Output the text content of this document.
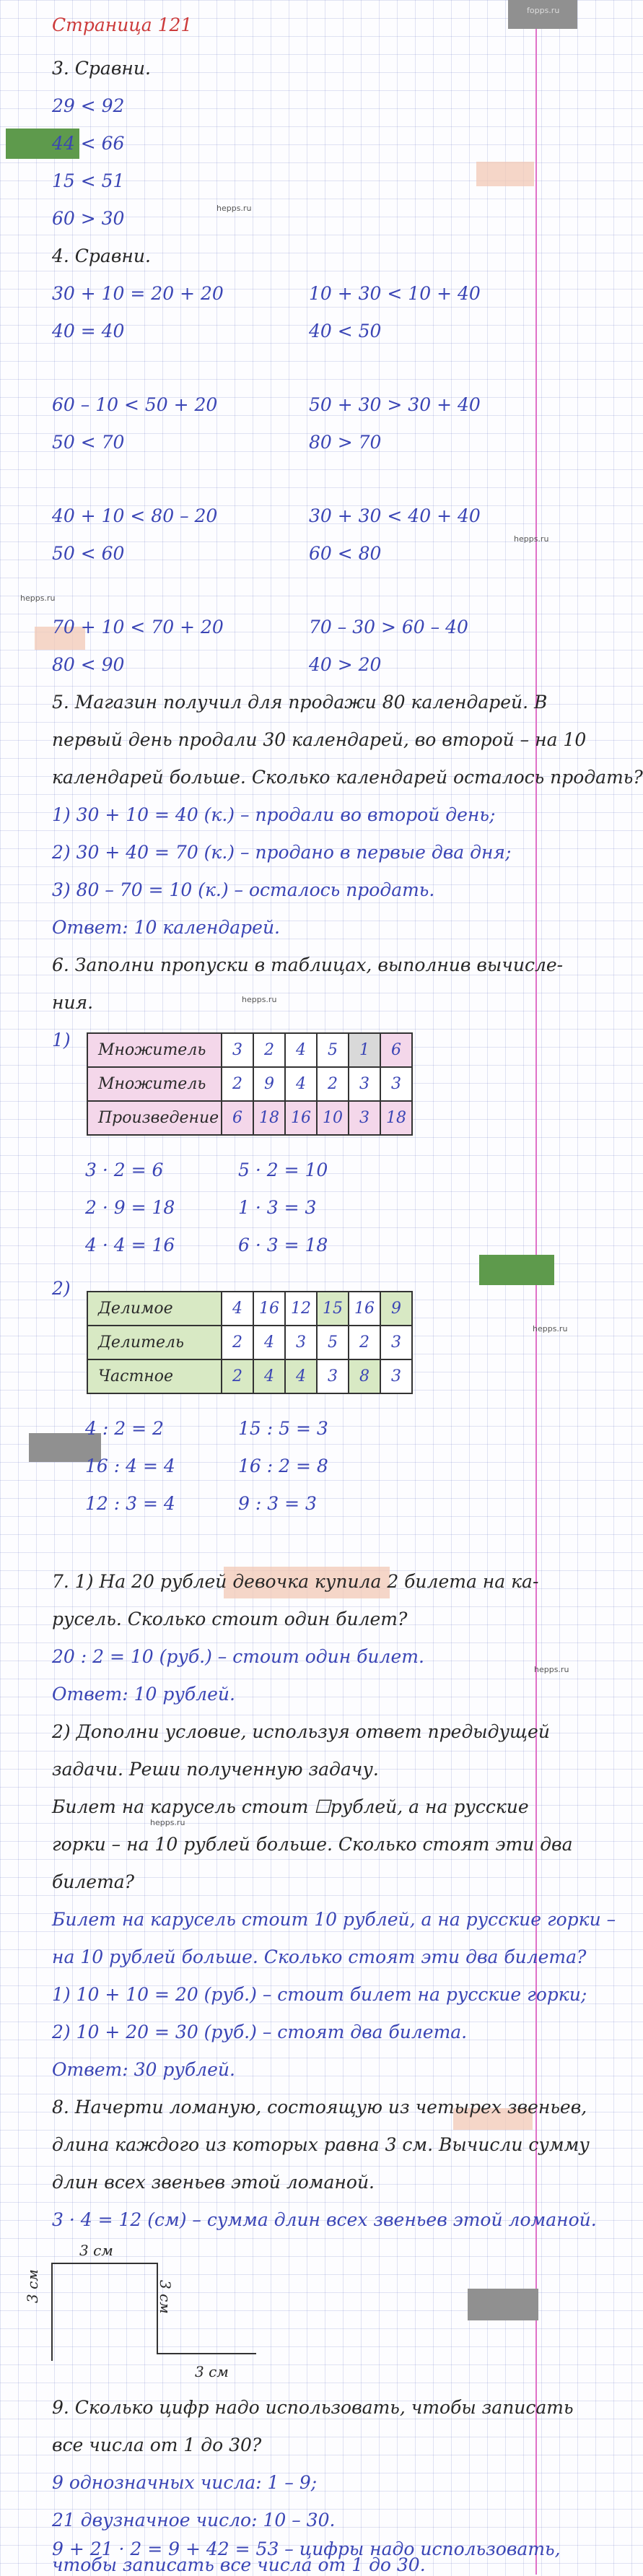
hepps.ru
hepps.ru
hepps.ru
hepps.ru
hepps.ru
hepps.ru
hepps.ru
fopps.ru
Страница 121
3. Сравни.
29 < 92
44 < 66
15 < 51
60 > 30
4. Сравни.
30 + 10 = 20 + 20
40 = 40
10 + 30 < 10 + 40
40 < 50
60 – 10 < 50 + 20
50 < 70
50 + 30 > 30 + 40
80 > 70
40 + 10 < 80 – 20
50 < 60
30 + 30 < 40 + 40
60 < 80
70 + 10 < 70 + 20
80 < 90
70 – 30 > 60 – 40
40 > 20
5. Магазин получил для продажи 80 календарей. В
первый день продали 30 календарей, во второй – на 10
календарей больше. Сколько календарей осталось продать?
1) 30 + 10 = 40 (к.) – продали во второй день;
2) 30 + 40 = 70 (к.) – продано в первые два дня;
3) 80 – 70 = 10 (к.) – осталось продать.
Ответ: 10 календарей.
6. Заполни пропуски в таблицах, выполнив вычисле-
ния.
1) Множитель	3	2	4	5	1	6
Множитель	2	9	4	2	3	3
Произведение	6	18	16	10	3	18
3 · 2 = 6
2 · 9 = 18
4 · 4 = 16
5 · 2 = 10
1 · 3 = 3
6 · 3 = 18
2)
Делимое	4	16	12	15	16	9
Делитель	2	4	3	5	2	3
Частное	2	4	4	3	8	3
4 : 2 = 2
16 : 4 = 4
12 : 3 = 4
15 : 5 = 3
16 : 2 = 8
9 : 3 = 3
7. 1) На 20 рублей девочка купила 2 билета на ка-
русель. Сколько стоит один билет?
20 : 2 = 10 (руб.) – стоит один билет.
Ответ: 10 рублей.
2) Дополни условие, используя ответ предыдущей
задачи. Реши полученную задачу.
Билет на карусель стоит ☐рублей, а на русские
горки – на 10 рублей больше. Сколько стоят эти два
билета?
Билет на карусель стоит 10 рублей, а на русские горки –
на 10 рублей больше. Сколько стоят эти два билета?
1) 10 + 10 = 20 (руб.) – стоит билет на русские горки;
2) 10 + 20 = 30 (руб.) – стоят два билета.
Ответ: 30 рублей.
8. Начерти ломаную, состоящую из четырех звеньев,
длина каждого из которых равна 3 см. Вычисли сумму
длин всех звеньев этой ломаной.
3 · 4 = 12 (см) – сумма длин всех звеньев этой ломаной.
3 см
3 см	3 см
3 см
9. Сколько цифр надо использовать, чтобы записать
все числа от 1 до 30?
9 однозначных числа: 1 – 9;
21 двузначное число: 10 – 30.
9 + 21 · 2 = 9 + 42 = 53 – цифры надо использовать,
чтобы записать все числа от 1 до 30.
